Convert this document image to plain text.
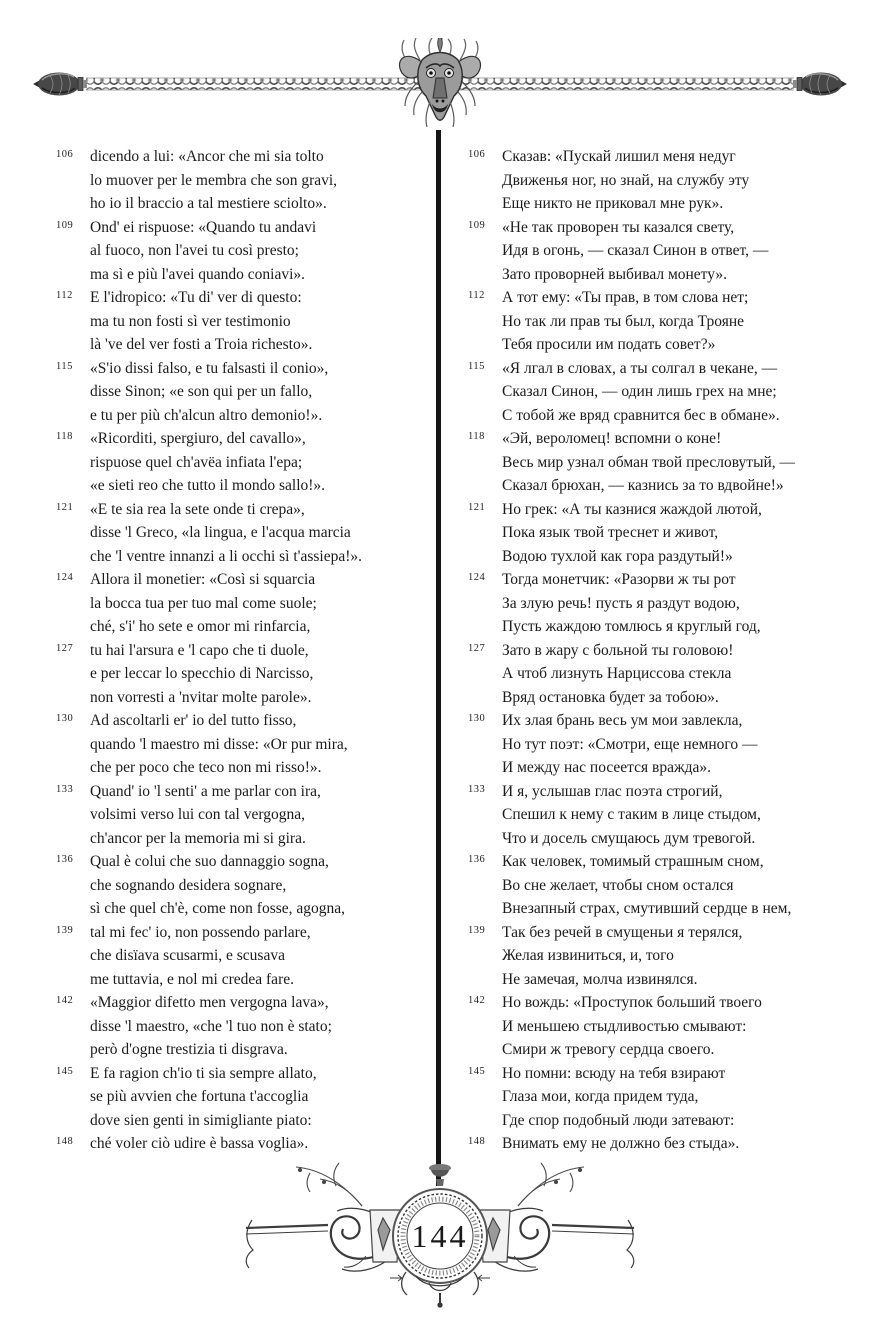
106	dicendo a lui: «Ancor che mi sia tolto
lo muover per le membra che son gravi,
ho io il braccio a tal mestiere sciolto».
109	Ond' ei rispuose: «Quando tu andavi
al fuoco, non l'avei tu così presto;
ma sì e più l'avei quando coniavi».
112	E l'idropico: «Tu di' ver di questo:
ma tu non fosti sì ver testimonio
là 've del ver fosti a Troia richesto».
115	«S'io dissi falso, e tu falsasti il conio»,
disse Sinon; «e son qui per un fallo,
e tu per più ch'alcun altro demonio!».
118	«Ricorditi, spergiuro, del cavallo»,
rispuose quel ch'avëa infiata l'epa;
«e sieti reo che tutto il mondo sallo!».
121	«E te sia rea la sete onde ti crepa»,
disse 'l Greco, «la lingua, e l'acqua marcia
che 'l ventre innanzi a li occhi sì t'assiepa!».
124	Allora il monetier: «Così si squarcia
la bocca tua per tuo mal come suole;
ché, s'i' ho sete e omor mi rinfarcia,
127	tu hai l'arsura e 'l capo che ti duole,
e per leccar lo specchio di Narcisso,
non vorresti a 'nvitar molte parole».
130	Ad ascoltarli er' io del tutto fisso,
quando 'l maestro mi disse: «Or pur mira,
che per poco che teco non mi risso!».
133	Quand' io 'l senti' a me parlar con ira,
volsimi verso lui con tal vergogna,
ch'ancor per la memoria mi si gira.
136	Qual è colui che suo dannaggio sogna,
che sognando desidera sognare,
sì che quel ch'è, come non fosse, agogna,
139	tal mi fec' io, non possendo parlare,
che disïava scusarmi, e scusava
me tuttavia, e nol mi credea fare.
142	«Maggior difetto men vergogna lava»,
disse 'l maestro, «che 'l tuo non è stato;
però d'ogne trestizia ti disgrava.
145	E fa ragion ch'io ti sia sempre allato,
se più avvien che fortuna t'accoglia
dove sien genti in simigliante piato:
148	ché voler ciò udire è bassa voglia».
106	Сказав: «Пускай лишил меня недуг
Движенья ног, но знай, на службу эту
Еще никто не приковал мне рук».
109	«Не так проворен ты казался свету,
Идя в огонь, — сказал Синон в ответ, —
Зато проворней выбивал монету».
112	А тот ему: «Ты прав, в том слова нет;
Но так ли прав ты был, когда Трояне
Тебя просили им подать совет?»
115	«Я лгал в словах, а ты солгал в чекане, —
Сказал Синон, — один лишь грех на мне;
С тобой же вряд сравнится бес в обмане».
118	«Эй, вероломец! вспомни о коне!
Весь мир узнал обман твой пресловутый, —
Сказал брюхан, — казнись за то вдвойне!»
121	Но грек: «А ты казнися жаждой лютой,
Пока язык твой треснет и живот,
Водою тухлой как гора раздутый!»
124	Тогда монетчик: «Разорви ж ты рот
За злую речь! пусть я раздут водою,
Пусть жаждою томлюсь я круглый год,
127	Зато в жару с больной ты головою!
А чтоб лизнуть Нарциссова стекла
Вряд остановка будет за тобою».
130	Их злая брань весь ум мои завлекла,
Но тут поэт: «Смотри, еще немного —
И между нас посеется вражда».
133	И я, услышав глас поэта строгий,
Спешил к нему с таким в лице стыдом,
Что и досель смущаюсь дум тревогой.
136	Как человек, томимый страшным сном,
Во сне желает, чтобы сном остался
Внезапный страх, смутивший сердце в нем,
139	Так без речей в смущеньи я терялся,
Желая извиниться, и, того
Не замечая, молча извинялся.
142	Но вождь: «Проступок больший твоего
И меньшею стыдливостью смывают:
Смири ж тревогу сердца своего.
145	Но помни: всюду на тебя взирают
Глаза мои, когда придем туда,
Где спор подобный люди затевают:
148	Внимать ему не должно без стыда».
144
